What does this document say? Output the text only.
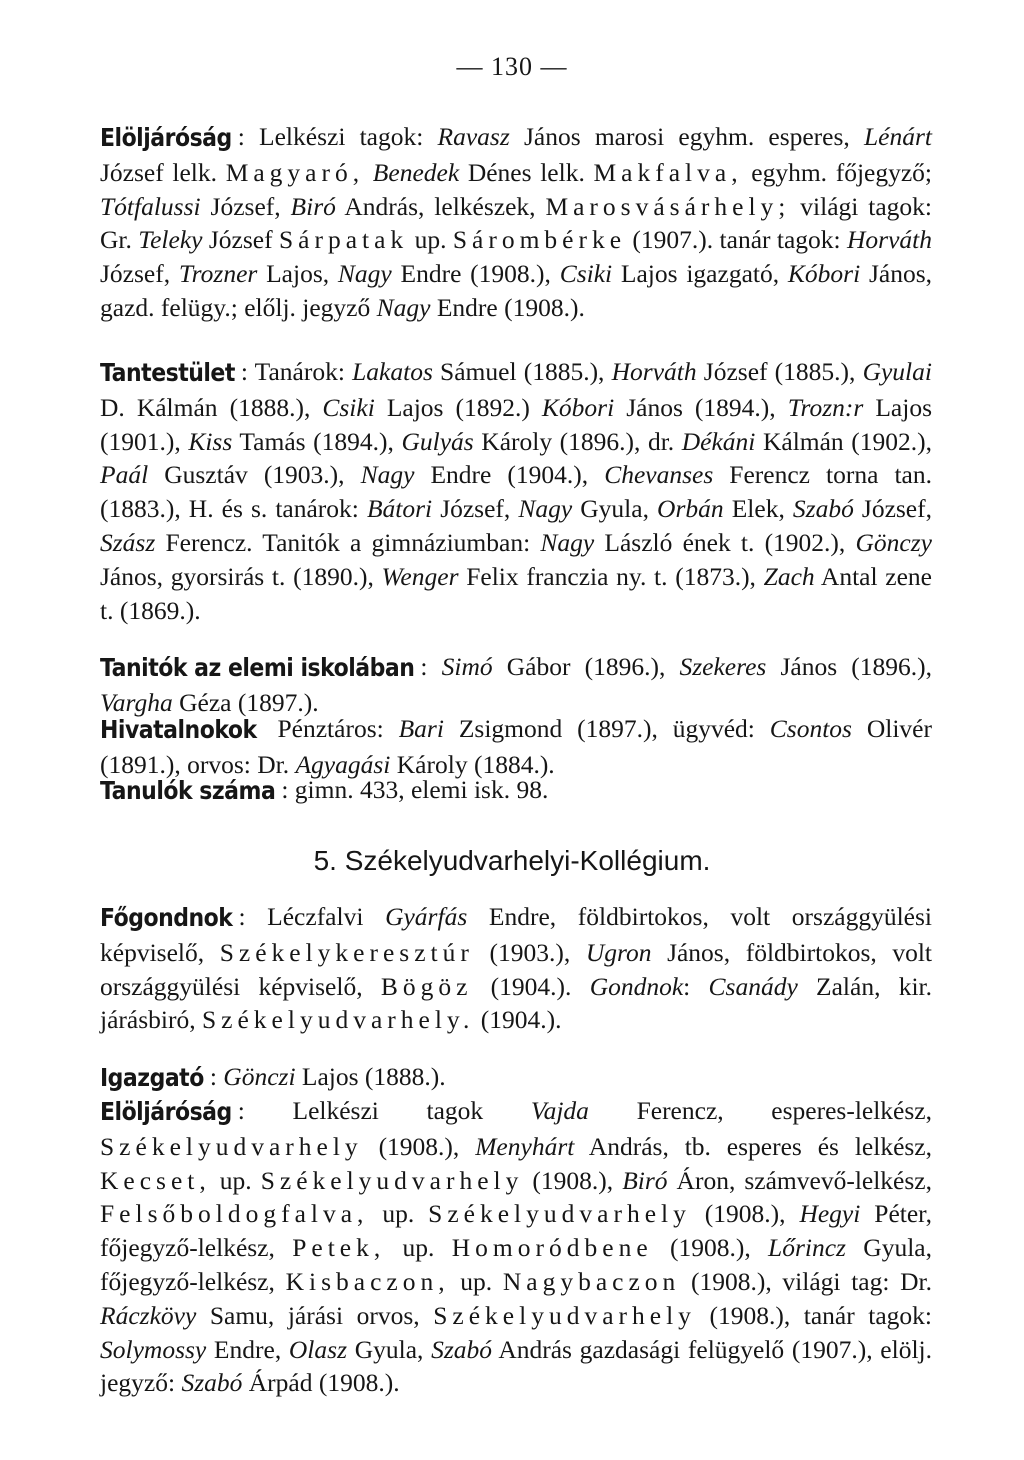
— 130 —

Elöljáróság : Lelkészi tagok: Ravasz János marosi egyhm. esperes, Lénárt József lelk. Magyaró, Benedek Dénes lelk. Makfalva, egyhm. főjegyző; Tótfalussi József, Biró András, lelkészek, Marosvásárhely; világi tagok: Gr. Teleky József Sárpatak up. Sárombérke (1907.). tanár tagok: Horváth József, Trozner Lajos, Nagy Endre (1908.), Csiki Lajos igazgató, Kóbori János, gazd. felügy.; előlj. jegyző Nagy Endre (1908.).

Tantestület : Tanárok: Lakatos Sámuel (1885.), Horváth József (1885.), Gyulai D. Kálmán (1888.), Csiki Lajos (1892.) Kóbori János (1894.), Trozn:r Lajos (1901.), Kiss Tamás (1894.), Gulyás Károly (1896.), dr. Dékáni Kálmán (1902.), Paál Gusztáv (1903.), Nagy Endre (1904.), Chevanses Ferencz torna tan. (1883.), H. és s. tanárok: Bátori József, Nagy Gyula, Orbán Elek, Szabó József, Szász Ferencz. Tanitók a gimnáziumban: Nagy László ének t. (1902.), Gönczy János, gyorsirás t. (1890.), Wenger Felix franczia ny. t. (1873.), Zach Antal zene t. (1869.).

Tanitók az elemi iskolában : Simó Gábor (1896.), Szekeres János (1896.), Vargha Géza (1897.).

Hivatalnokok Pénztáros: Bari Zsigmond (1897.), ügyvéd: Csontos Olivér (1891.), orvos: Dr. Agyagási Károly (1884.).

Tanulók száma : gimn. 433, elemi isk. 98.

5. Székelyudvarhelyi-Kollégium.

Főgondnok : Léczfalvi Gyárfás Endre, földbirtokos, volt országgyülési képviselő, Székelykeresztúr (1903.), Ugron János, földbirtokos, volt országgyülési képviselő, Bögöz (1904.). Gondnok: Csanády Zalán, kir. járásbiró, Székelyudvarhely. (1904.).

Igazgató : Gönczi Lajos (1888.).

Elöljáróság : Lelkészi tagok Vajda Ferencz, esperes-lelkész, Székelyudvarhely (1908.), Menyhárt András, tb. esperes és lelkész, Kecset, up. Székelyudvarhely (1908.), Biró Áron, számvevő-lelkész, Felsőboldogfalva, up. Székelyudvarhely (1908.), Hegyi Péter, főjegyző-lelkész, Petek, up. Homoródbene (1908.), Lőrincz Gyula, főjegyző-lelkész, Kisbaczon, up. Nagybaczon (1908.), világi tag: Dr. Ráczkövy Samu, járási orvos, Székelyudvarhely (1908.), tanár tagok: Solymossy Endre, Olasz Gyula, Szabó András gazdasági felügyelő (1907.), elölj. jegyző: Szabó Árpád (1908.).
